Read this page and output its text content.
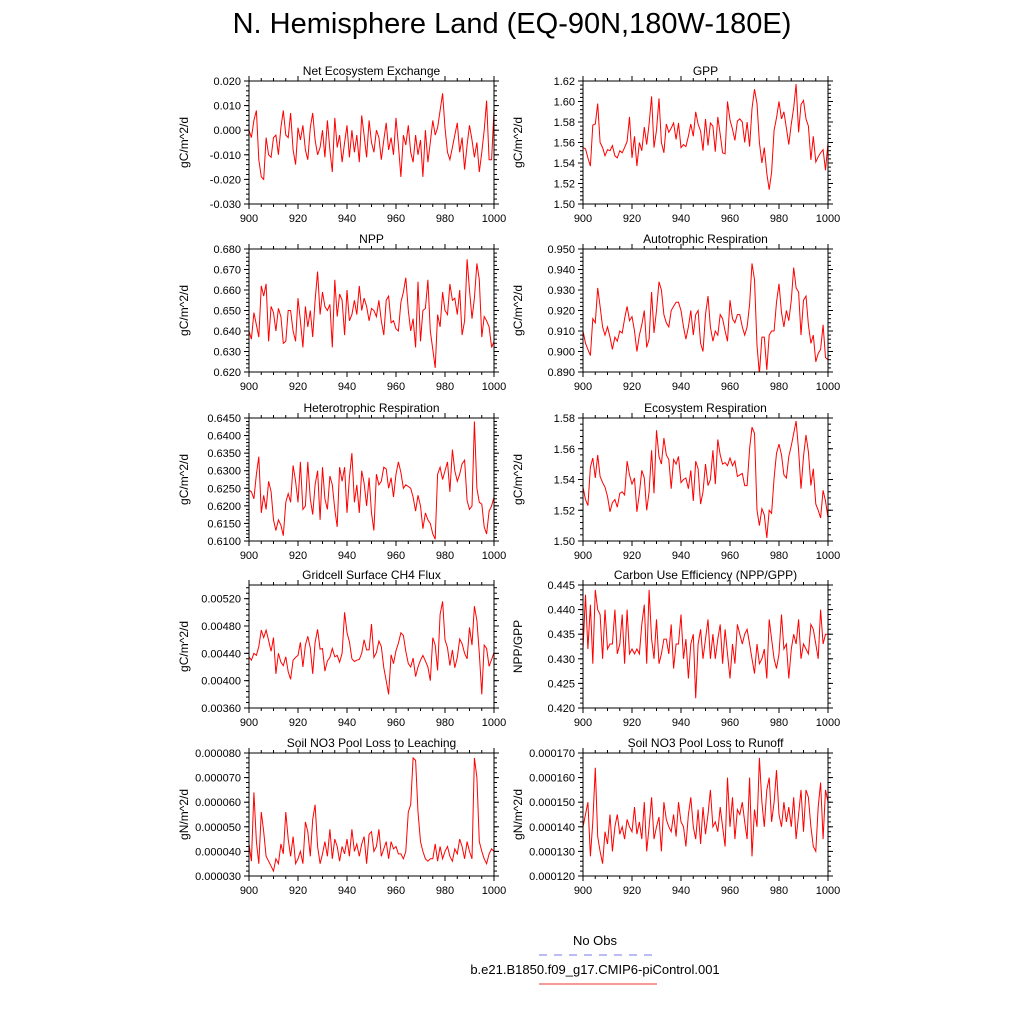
N. Hemisphere Land (EQ-90N,180W-180E)
Net Ecosystem Exchange
gC/m^2/d
-0.030
-0.020
-0.010
0.000
0.010
0.020
900	920	940	960	980	1000
GPP
gC/m^2/d
1.50
1.52
1.54
1.56
1.58
1.60
1.62
900	920	940	960	980	1000
NPP
gC/m^2/d
0.620
0.630
0.640
0.650
0.660
0.670
0.680
900	920	940	960	980	1000
Autotrophic Respiration
gC/m^2/d
0.890
0.900
0.910
0.920
0.930
0.940
0.950
900	920	940	960	980	1000
Heterotrophic Respiration
gC/m^2/d
0.6100
0.6150
0.6200
0.6250
0.6300
0.6350
0.6400
0.6450
900	920	940	960	980	1000
Ecosystem Respiration
gC/m^2/d
1.50
1.52
1.54
1.56
1.58
900	920	940	960	980	1000
Gridcell Surface CH4 Flux
gC/m^2/d
0.00360
0.00400
0.00440
0.00480
0.00520
900	920	940	960	980	1000
Carbon Use Efficiency (NPP/GPP)
NPP/GPP
0.420
0.425
0.430
0.435
0.440
0.445
900	920	940	960	980	1000
Soil NO3 Pool Loss to Leaching
gN/m^2/d
0.000030
0.000040
0.000050
0.000060
0.000070
0.000080
900	920	940	960	980	1000
Soil NO3 Pool Loss to Runoff
gN/m^2/d
0.000120
0.000130
0.000140
0.000150
0.000160
0.000170
900	920	940	960	980	1000
No Obs
b.e21.B1850.f09_g17.CMIP6-piControl.001
